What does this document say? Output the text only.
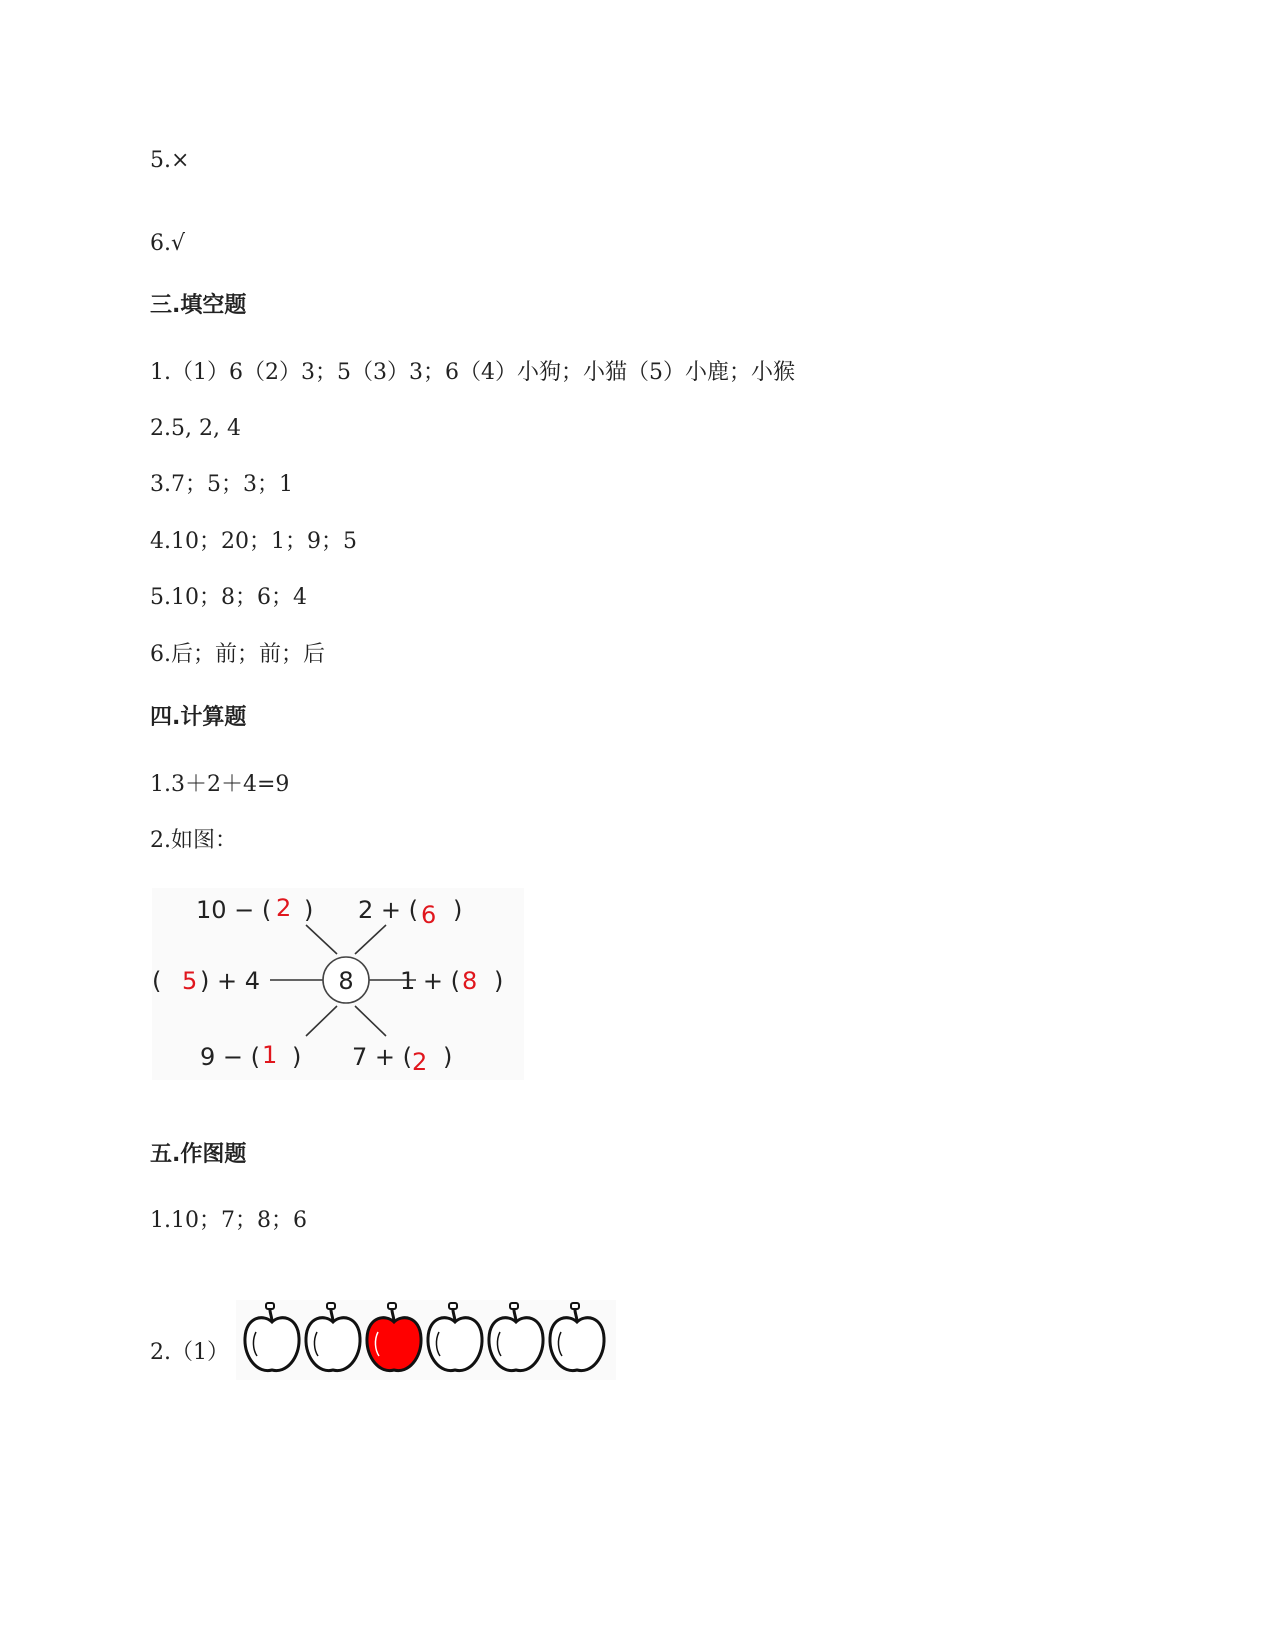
5.×
6.√
三.填空题
1.（1）6（2）3；5（3）3；6（4）小狗；小猫（5）小鹿；小猴
2.5, 2, 4
3.7；5；3；1
4.10；20；1；9；5
5.10；8；6；4
6.后；前；前；后
四.计算题
1.3＋2＋4=9
2.如图：
8
10 − ( 2 ) 2 + ( 6 )
( 5 ) + 4	1 + ( 8 )
9 − ( 1 ) 7 + ( 2 )
五.作图题
1.10；7；8；6
2.（1）
